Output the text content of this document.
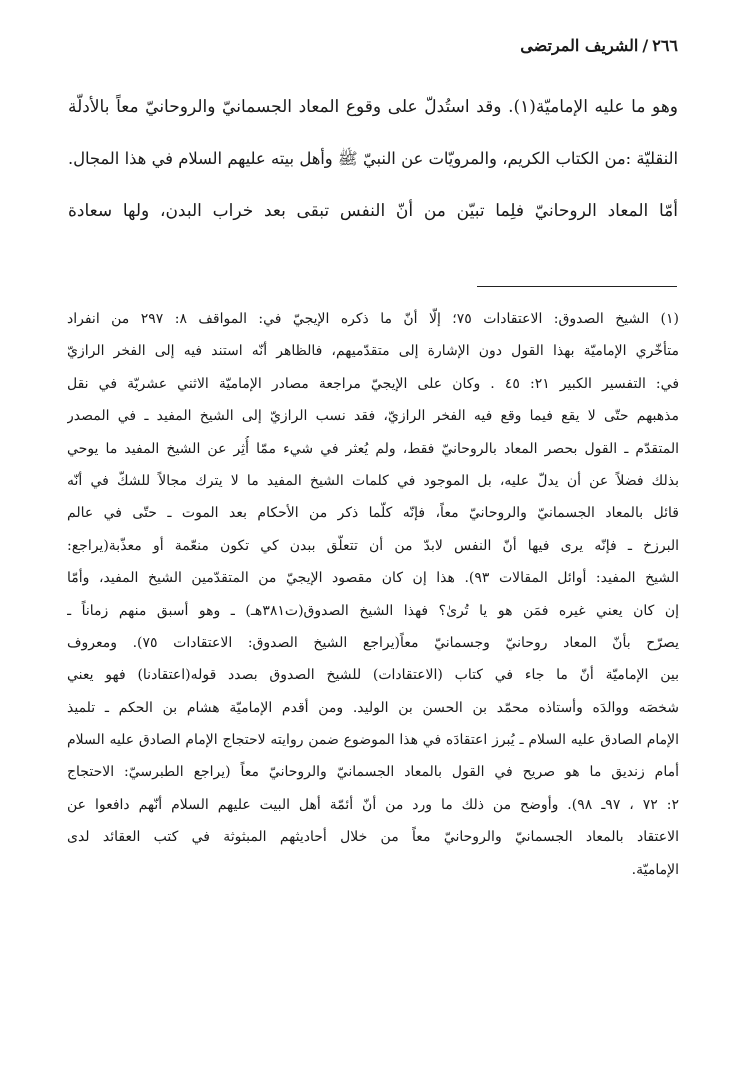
٢٦٦/الشريف المرتضى
وهو ما عليه الإماميّة(١). وقد استُدلّ على وقوع المعاد الجسمانيّ والروحانيّ معاً بالأدلّة
النقليّة :من الكتاب الكريم، والمرويّات عن النبيّ ﷺ وأهل بيته عليهم السلام في هذا المجال.
أمّا المعاد الروحانيّ فلِما تبيّن من أنّ النفس تبقى بعد خراب البدن، ولها سعادة
(١) الشيخ الصدوق: الاعتقادات ٧٥؛ إلّا أنّ ما ذكره الإيجيّ في: المواقف ٨: ٢٩٧ من انفراد
متأخّري الإماميّة بهذا القول دون الإشارة إلى متقدّميهم، فالظاهر أنّه استند فيه إلى الفخر الرازيّ
في: التفسير الكبير ٢١: ٤٥ . وكان على الإيجيّ مراجعة مصادر الإماميّة الاثني عشريّة في نقل
مذهبهم حتّى لا يقع فيما وقع فيه الفخر الرازيّ، فقد نسب الرازيّ إلى الشيخ المفيد ـ في المصدر
المتقدّم ـ القول بحصر المعاد بالروحانيّ فقط، ولم يُعثر في شيء ممّا أُثِر عن الشيخ المفيد ما يوحي
بذلك فضلاً عن أن يدلّ عليه، بل الموجود في كلمات الشيخ المفيد ما لا يترك مجالاً للشكّ في أنّه
قائل بالمعاد الجسمانيّ والروحانيّ معاً، فإنّه كلّما ذكر من الأحكام بعد الموت ـ حتّى في عالم
البرزخ ـ فإنّه يرى فيها أنّ النفس لابدّ من أن تتعلّق ببدن كي تكون منعّمة أو معذّبة(يراجع:
الشيخ المفيد: أوائل المقالات ٩٣). هذا إن كان مقصود الإيجيّ من المتقدّمين الشيخ المفيد، وأمّا
إن كان يعني غيره فمَن هو يا تُرىٰ؟ فهذا الشيخ الصدوق(ت٣٨١هـ) ـ وهو أسبق منهم زماناً ـ
يصرّح بأنّ المعاد روحانيّ وجسمانيّ معاً(يراجع الشيخ الصدوق: الاعتقادات ٧٥). ومعروف
بين الإماميّة أنّ ما جاء في كتاب (الاعتقادات) للشيخ الصدوق بصدد قوله(اعتقادنا) فهو يعني
شخصَه ووالدَه وأستاذه محمّد بن الحسن بن الوليد. ومن أقدم الإماميّة هشام بن الحكم ـ تلميذ
الإمام الصادق عليه السلام ـ يُبرز اعتقادَه في هذا الموضوع ضمن روايته لاحتجاج الإمام الصادق عليه السلام
أمام زنديق ما هو صريح في القول بالمعاد الجسمانيّ والروحانيّ معاً (يراجع الطبرسيّ: الاحتجاج
٢: ٧٢ ، ٩٧ـ ٩٨). وأوضح من ذلك ما ورد من أنّ أئمّة أهل البيت عليهم السلام أنّهم دافعوا عن
الاعتقاد بالمعاد الجسمانيّ والروحانيّ معاً من خلال أحاديثهم المبثوثة في كتب العقائد لدى
الإماميّة.
